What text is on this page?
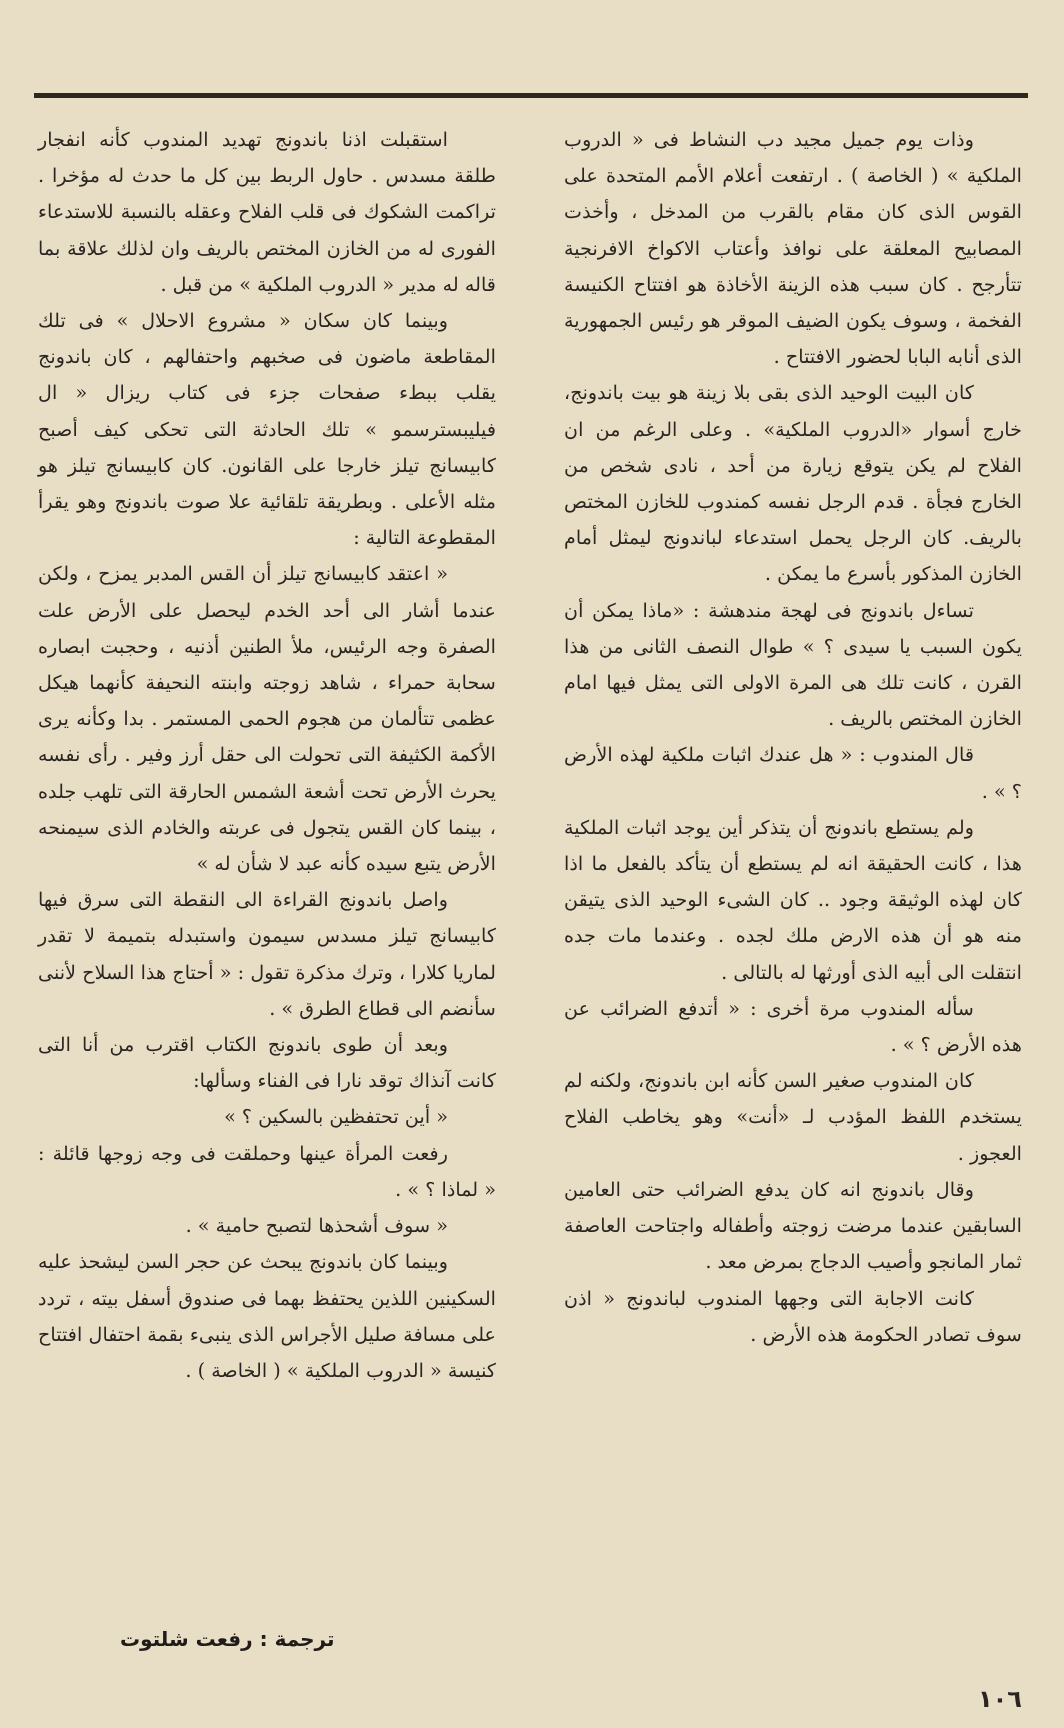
وذات يوم جميل مجيد دب النشاط فى « الدروب الملكية » ( الخاصة ) . ارتفعت أعلام الأمم المتحدة على القوس الذى كان مقام بالقرب من المدخل ، وأخذت المصابيح المعلقة على نوافذ وأعتاب الاكواخ الافرنجية تتأرجح . كان سبب هذه الزينة الأخاذة هو افتتاح الكنيسة الفخمة ، وسوف يكون الضيف الموقر هو رئيس الجمهورية الذى أنابه البابا لحضور الافتتاح .

كان البيت الوحيد الذى بقى بلا زينة هو بيت باندونج، خارج أسوار «الدروب الملكية» . وعلى الرغم من ان الفلاح لم يكن يتوقع زيارة من أحد ، نادى شخص من الخارج فجأة . قدم الرجل نفسه كمندوب للخازن المختص بالريف. كان الرجل يحمل استدعاء لباندونج ليمثل أمام الخازن المذكور بأسرع ما يمكن .

تساءل باندونج فى لهجة مندهشة : «ماذا يمكن أن يكون السبب يا سيدى ؟ » طوال النصف الثانى من هذا القرن ، كانت تلك هى المرة الاولى التى يمثل فيها امام الخازن المختص بالريف .

قال المندوب : « هل عندك اثبات ملكية لهذه الأرض ؟ » .

ولم يستطع باندونج أن يتذكر أين يوجد اثبات الملكية هذا ، كانت الحقيقة انه لم يستطع أن يتأكد بالفعل ما اذا كان لهذه الوثيقة وجود .. كان الشىء الوحيد الذى يتيقن منه هو أن هذه الارض ملك لجده . وعندما مات جده انتقلت الى أبيه الذى أورثها له بالتالى .

سأله المندوب مرة أخرى : « أتدفع الضرائب عن هذه الأرض ؟ » .

كان المندوب صغير السن كأنه ابن باندونج، ولكنه لم يستخدم اللفظ المؤدب لـ «أنت» وهو يخاطب الفلاح العجوز .

وقال باندونج انه كان يدفع الضرائب حتى العامين السابقين عندما مرضت زوجته وأطفاله واجتاحت العاصفة ثمار المانجو وأصيب الدجاج بمرض معد .

كانت الاجابة التى وجهها المندوب لباندونج « اذن سوف تصادر الحكومة هذه الأرض .

استقبلت اذنا باندونج تهديد المندوب كأنه انفجار طلقة مسدس . حاول الربط بين كل ما حدث له مؤخرا . تراكمت الشكوك فى قلب الفلاح وعقله بالنسبة للاستدعاء الفورى له من الخازن المختص بالريف وان لذلك علاقة بما قاله له مدير « الدروب الملكية » من قبل .

وبينما كان سكان « مشروع الاحلال » فى تلك المقاطعة ماضون فى صخبهم واحتفالهم ، كان باندونج يقلب ببطء صفحات جزء فى كتاب ريزال « ال فيليبسترسمو » تلك الحادثة التى تحكى كيف أصبح كابيسانج تيلز خارجا على القانون. كان كابيسانج تيلز هو مثله الأعلى . وبطريقة تلقائية علا صوت باندونج وهو يقرأ المقطوعة التالية :

« اعتقد كابيسانج تيلز أن القس المدبر يمزح ، ولكن عندما أشار الى أحد الخدم ليحصل على الأرض علت الصفرة وجه الرئيس، ملأ الطنين أذنيه ، وحجبت ابصاره سحابة حمراء ، شاهد زوجته وابنته النحيفة كأنهما هيكل عظمى تتألمان من هجوم الحمى المستمر . بدا وكأنه يرى الأكمة الكثيفة التى تحولت الى حقل أرز وفير . رأى نفسه يحرث الأرض تحت أشعة الشمس الحارقة التى تلهب جلده ، بينما كان القس يتجول فى عربته والخادم الذى سيمنحه الأرض يتبع سيده كأنه عبد لا شأن له »

واصل باندونج القراءة الى النقطة التى سرق فيها كابيسانج تيلز مسدس سيمون واستبدله بتميمة لا تقدر لماريا كلارا ، وترك مذكرة تقول : « أحتاج هذا السلاح لأننى سأنضم الى قطاع الطرق » .

وبعد أن طوى باندونج الكتاب اقترب من أنا التى كانت آنذاك توقد نارا فى الفناء وسألها:

« أين تحتفظين بالسكين ؟ »

رفعت المرأة عينها وحملقت فى وجه زوجها قائلة : « لماذا ؟ » .

« سوف أشحذها لتصبح حامية » .

وبينما كان باندونج يبحث عن حجر السن ليشحذ عليه السكينين اللذين يحتفظ بهما فى صندوق أسفل بيته ، تردد على مسافة صليل الأجراس الذى ينبىء بقمة احتفال افتتاح كنيسة « الدروب الملكية » ( الخاصة ) .

ترجمة : رفعت شلتوت
١٠٦
